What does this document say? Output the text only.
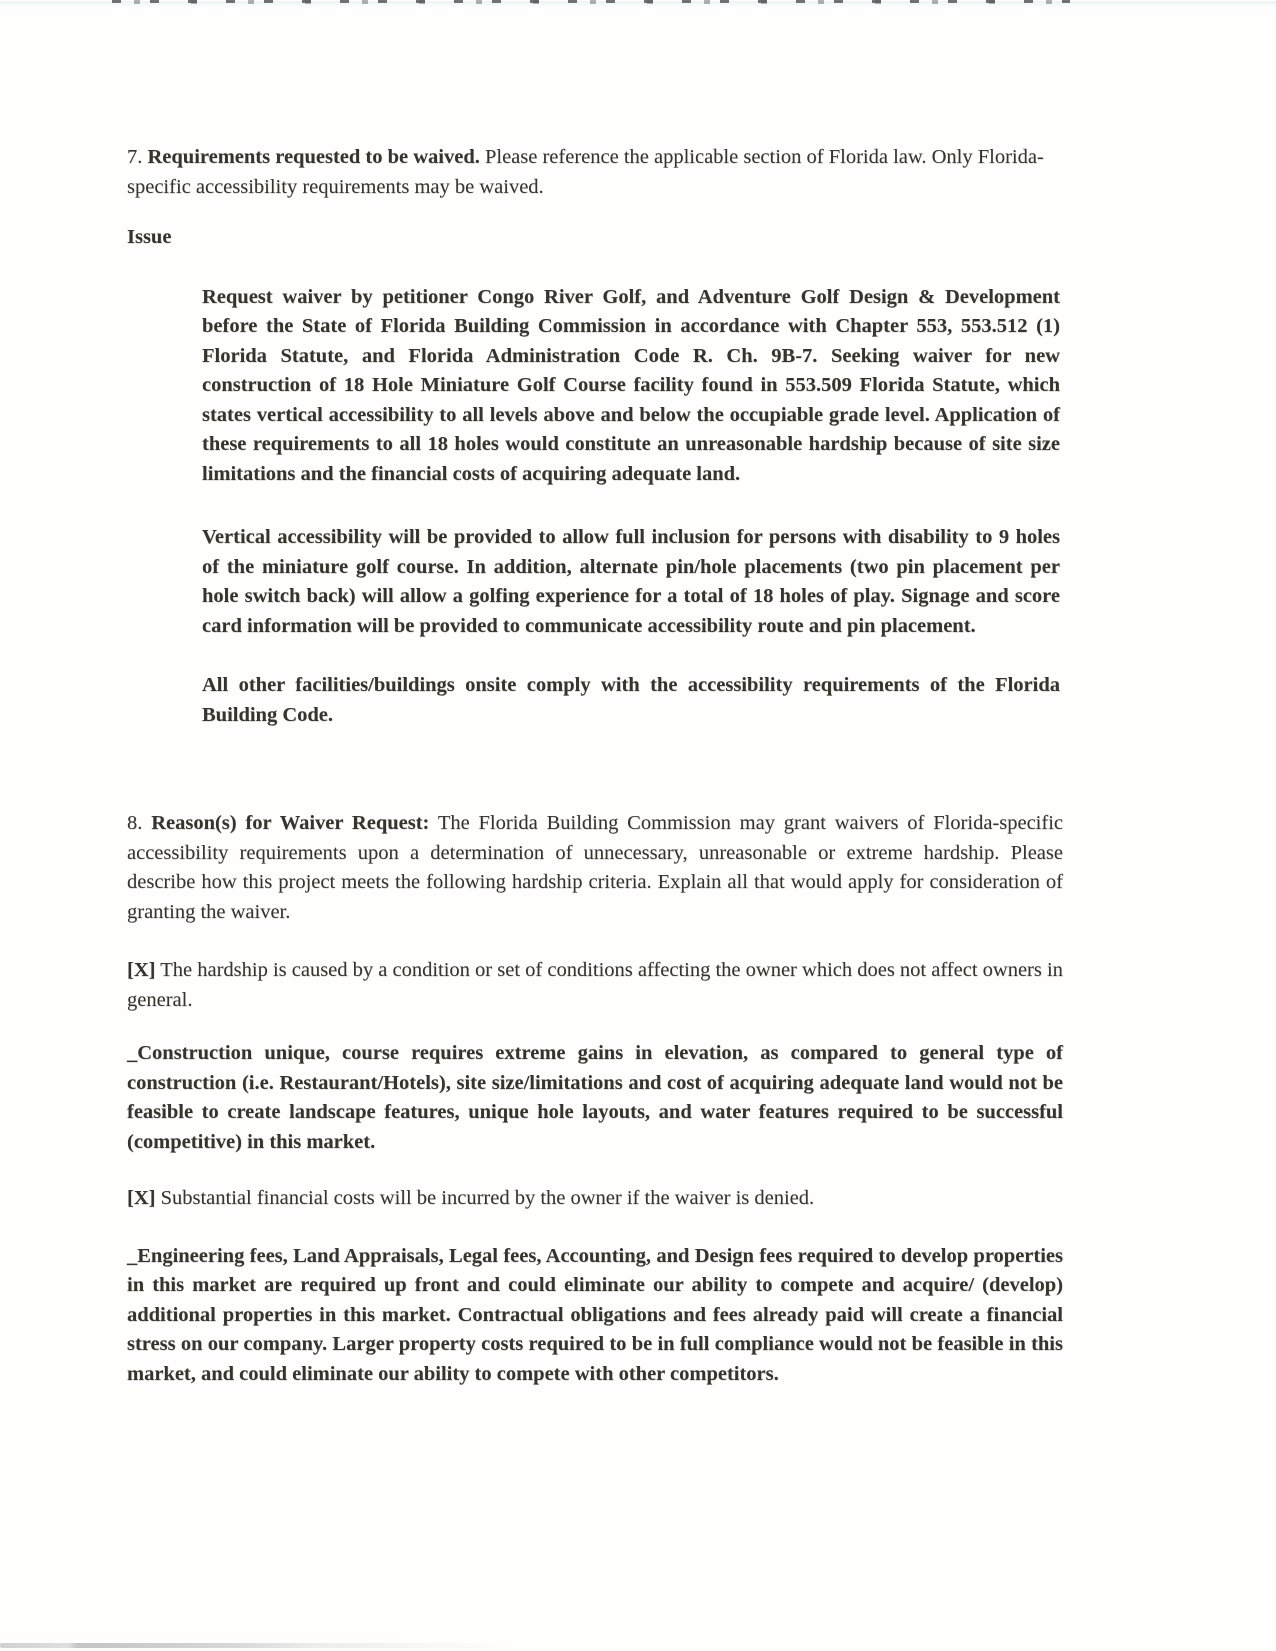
7. Requirements requested to be waived. Please reference the applicable section of Florida law. Only Florida-specific accessibility requirements may be waived.

Issue

Request waiver by petitioner Congo River Golf, and Adventure Golf Design & Development before the State of Florida Building Commission in accordance with Chapter 553, 553.512 (1) Florida Statute, and Florida Administration Code R. Ch. 9B-7. Seeking waiver for new construction of 18 Hole Miniature Golf Course facility found in 553.509 Florida Statute, which states vertical accessibility to all levels above and below the occupiable grade level. Application of these requirements to all 18 holes would constitute an unreasonable hardship because of site size limitations and the financial costs of acquiring adequate land.

Vertical accessibility will be provided to allow full inclusion for persons with disability to 9 holes of the miniature golf course. In addition, alternate pin/hole placements (two pin placement per hole switch back) will allow a golfing experience for a total of 18 holes of play. Signage and score card information will be provided to communicate accessibility route and pin placement.

All other facilities/buildings onsite comply with the accessibility requirements of the Florida Building Code.

8. Reason(s) for Waiver Request: The Florida Building Commission may grant waivers of Florida-specific accessibility requirements upon a determination of unnecessary, unreasonable or extreme hardship. Please describe how this project meets the following hardship criteria. Explain all that would apply for consideration of granting the waiver.

[X] The hardship is caused by a condition or set of conditions affecting the owner which does not affect owners in general.

_Construction unique, course requires extreme gains in elevation, as compared to general type of construction (i.e. Restaurant/Hotels), site size/limitations and cost of acquiring adequate land would not be feasible to create landscape features, unique hole layouts, and water features required to be successful (competitive) in this market.

[X] Substantial financial costs will be incurred by the owner if the waiver is denied.

_Engineering fees, Land Appraisals, Legal fees, Accounting, and Design fees required to develop properties in this market are required up front and could eliminate our ability to compete and acquire/ (develop) additional properties in this market. Contractual obligations and fees already paid will create a financial stress on our company. Larger property costs required to be in full compliance would not be feasible in this market, and could eliminate our ability to compete with other competitors.
